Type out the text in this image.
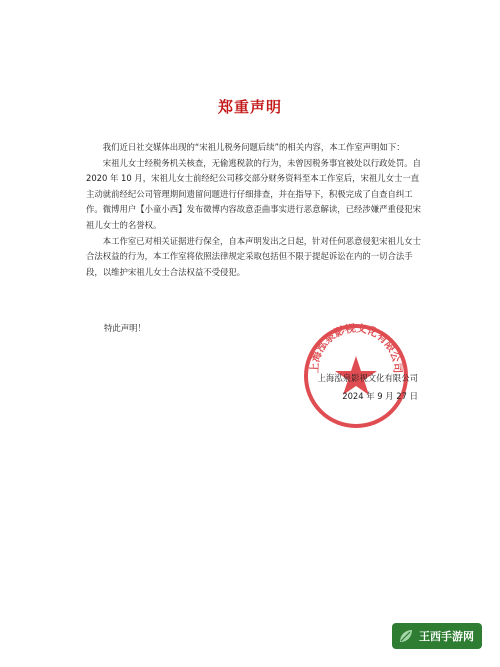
郑重声明

我们近日社交媒体出现的“宋祖儿税务问题后续”的相关内容，本工作室声明如下：

宋祖儿女士经税务机关核查，无偷逃税款的行为，未曾因税务事宜被处以行政处罚。自 2020 年 10 月，宋祖儿女士前经纪公司移交部分财务资料至本工作室后，宋祖儿女士一直主动就前经纪公司管理期间遗留问题进行仔细排查，并在指导下，积极完成了自查自纠工作。微博用户【小童小西】发布微博内容故意歪曲事实进行恶意解读，已经涉嫌严重侵犯宋祖儿女士的名誉权。

本工作室已对相关证据进行保全，自本声明发出之日起，针对任何恶意侵犯宋祖儿女士合法权益的行为，本工作室将依照法律规定采取包括但不限于提起诉讼在内的一切合法手段，以维护宋祖儿女士合法权益不受侵犯。

特此声明！
上海泓泉影视文化有限公司
上海泓泉影视文化有限公司
2024 年 9 月 27 日
王西手游网
